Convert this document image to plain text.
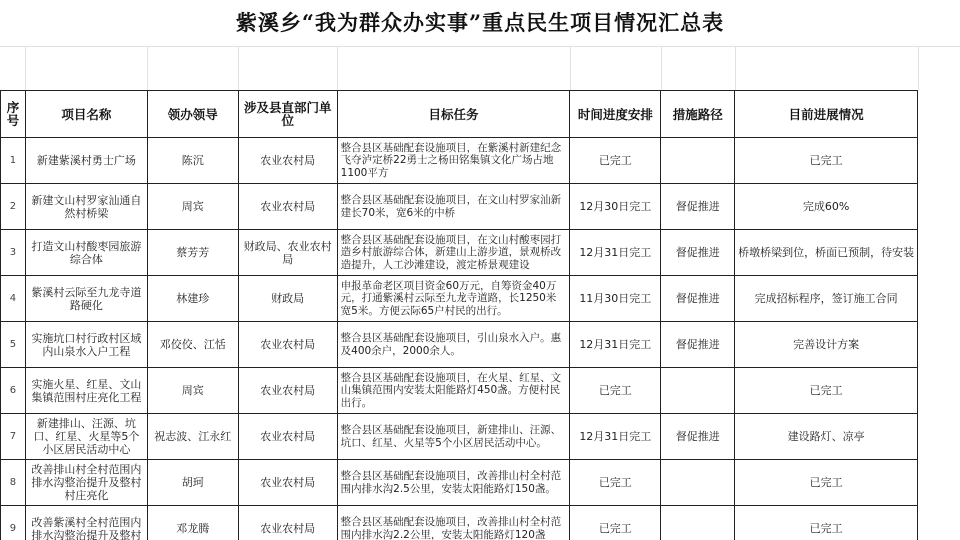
紫溪乡“我为群众办实事”重点民生项目情况汇总表
序号	项目名称	领办领导	涉及县直部门单位	目标任务	时间进度安排	措施路径	目前进展情况	
1	新建紫溪村勇士广场	陈沉	农业农村局	整合县区基础配套设施项目，在紫溪村新建纪念飞夺泸定桥22勇士之杨田铭集镇文化广场占地1100平方	已完工		已完工	
2	新建文山村罗家汕通自然村桥梁	周宾	农业农村局	整合县区基础配套设施项目，在文山村罗家汕新建长70米，宽6米的中桥	12月30日完工	督促推进	完成60%	
3	打造文山村酸枣园旅游综合体	蔡芳芳	财政局、农业农村局	整合县区基础配套设施项目，在文山村酸枣园打造乡村旅游综合体，新建山上游步道，景观桥改造提升，人工沙滩建设，渡定桥景观建设	12月31日完工	督促推进	桥墩桥梁到位，桥面已预制，待安装	
4	紫溪村云际至九龙寺道路硬化	林建珍	财政局	申报革命老区项目资金60万元，自筹资金40万元，打通紫溪村云际至九龙寺道路，长1250米宽5米。方便云际65户村民的出行。	11月30日完工	督促推进	完成招标程序，签订施工合同	
5	实施坑口村行政村区域内山泉水入户工程	邓佼佼、江恬	农业农村局	整合县区基础配套设施项目，引山泉水入户。惠及400余户，2000余人。	12月31日完工	督促推进	完善设计方案	
6	实施火星、红星、文山集镇范围村庄亮化工程	周宾	农业农村局	整合县区基础配套设施项目，在火星、红星、文山集镇范围内安装太阳能路灯450盏。方便村民出行。	已完工		已完工	
7	新建排山、汪源、坑口、红星、火星等5个小区居民活动中心	祝志波、江永红	农业农村局	整合县区基础配套设施项目，新建排山、汪源、坑口、红星、火星等5个小区居民活动中心。	12月31日完工	督促推进	建设路灯、凉亭	
8	改善排山村全村范围内排水沟整治提升及整村村庄亮化	胡珂	农业农村局	整合县区基础配套设施项目，改善排山村全村范围内排水沟2.5公里，安装太阳能路灯150盏。	已完工		已完工	
9	改善紫溪村全村范围内排水沟整治提升及整村	邓龙腾	农业农村局	整合县区基础配套设施项目，改善排山村全村范围内排水沟2.2公里，安装太阳能路灯120盏	已完工		已完工	
